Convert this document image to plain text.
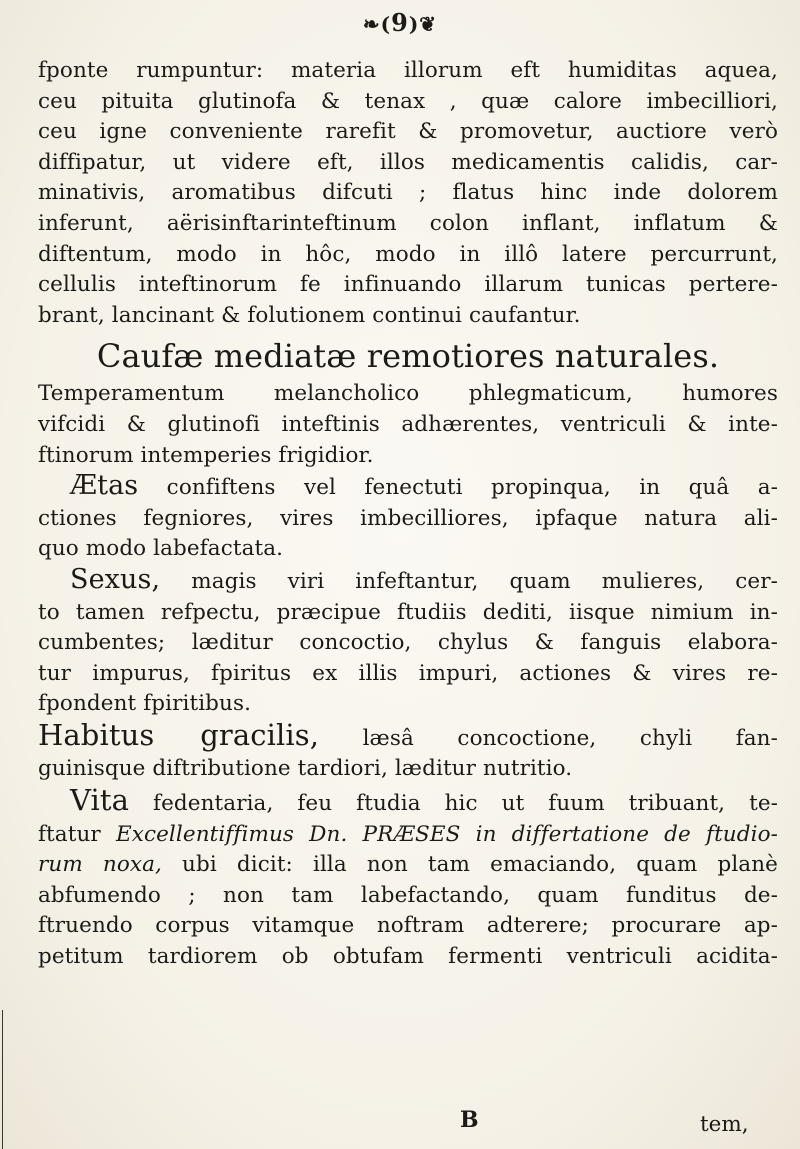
❧(9)❦
fponte rumpuntur: materia illorum eft humiditas aquea,
ceu pituita glutinofa & tenax , quæ calore imbecilliori,
ceu igne conveniente rarefit & promovetur, auctiore verò
diffipatur, ut videre eft, illos medicamentis calidis, car-
minativis, aromatibus difcuti ; flatus hinc inde dolorem
inferunt, aërisinftarinteftinum colon inflant, inflatum &
diftentum, modo in hôc, modo in illô latere percurrunt,
cellulis inteftinorum fe infinuando illarum tunicas pertere-
brant, lancinant & folutionem continui caufantur.
Caufæ mediatæ remotiores naturales.
Temperamentum melancholico phlegmaticum, humores
vifcidi & glutinofi inteftinis adhærentes, ventriculi & inte-
ftinorum intemperies frigidior.
Ætas confiftens vel fenectuti propinqua, in quâ a-
ctiones fegniores, vires imbecilliores, ipfaque natura ali-
quo modo labefactata.
Sexus, magis viri infeftantur, quam mulieres, cer-
to tamen refpectu, præcipue ftudiis dediti, iisque nimium in-
cumbentes; læditur concoctio, chylus & fanguis elabora-
tur impurus, fpiritus ex illis impuri, actiones & vires re-
fpondent fpiritibus.
Habitus gracilis, læsâ concoctione, chyli fan-
guinisque diftributione tardiori, læditur nutritio.
Vita fedentaria, feu ftudia hic ut fuum tribuant, te-
ftatur Excellentiffimus Dn. PRÆSES in differtatione de ftudio-
rum noxa, ubi dicit: illa non tam emaciando, quam planè
abfumendo ; non tam labefactando, quam funditus de-
ftruendo corpus vitamque noftram adterere; procurare ap-
petitum tardiorem ob obtufam fermenti ventriculi acidita-
B	tem,
